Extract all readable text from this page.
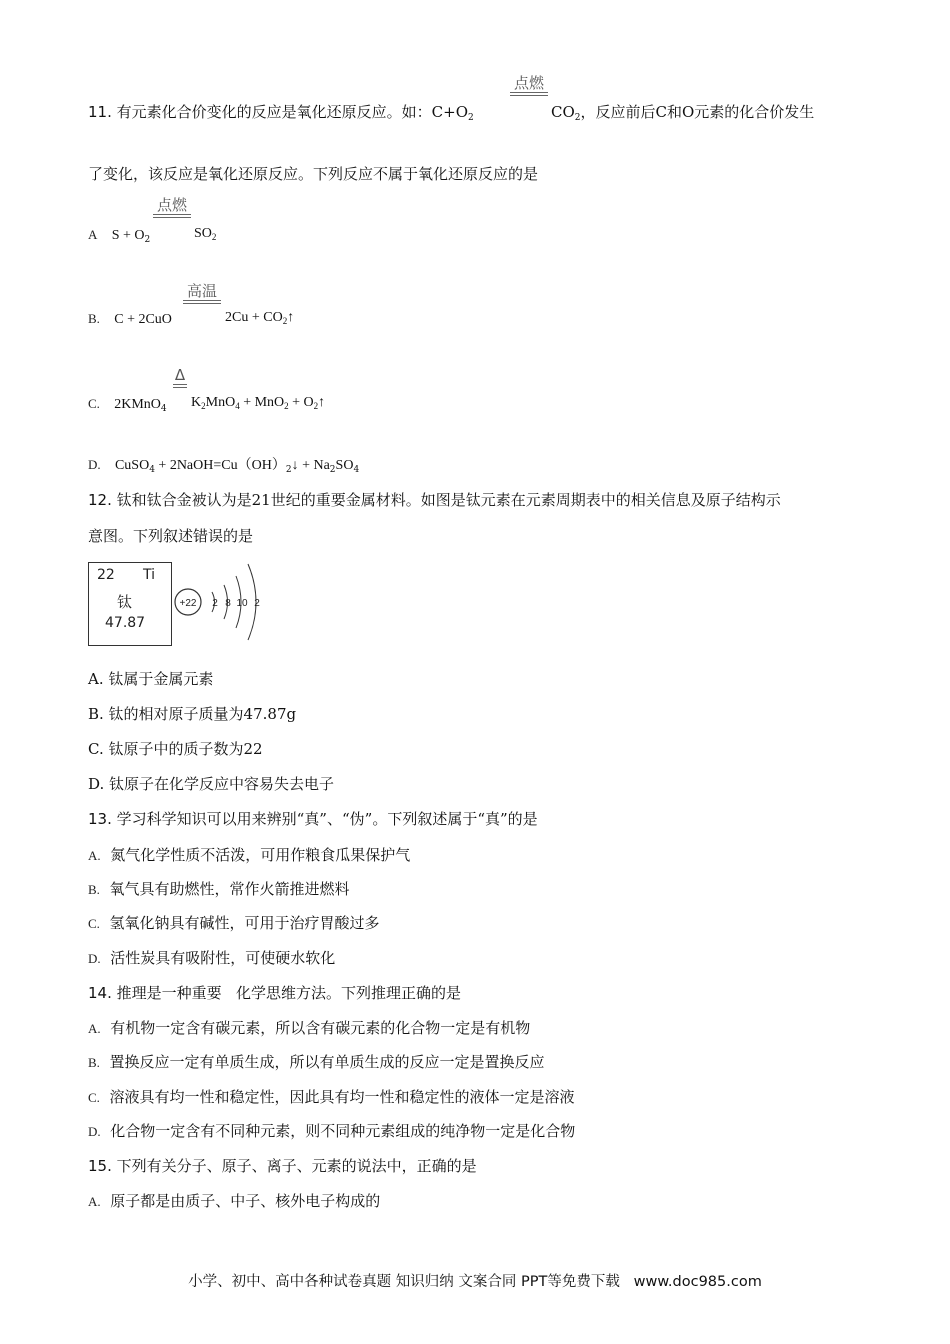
11. 有元素化合价变化的反应是氧化还原反应。如：$C+O_2$
点燃
$CO_2$，反应前后C和O元素的化合价发生
了变化，该反应是氧化还原反应。下列反应不属于氧化还原反应的是
A $S + O_2$
点燃
$SO_2$
B. C + 2CuO
高温
$2Cu + CO_2↑$
C. 2KMnO$_4$
Δ
$K_2MnO_4 + MnO_2$ + $O_2↑$
D. CuSO$_4$ + $2NaOH=Cu(OH)_2↓ + Na_2SO_4$
12. 钛和钛合金被认为是21世纪的重要金属材料。如图是钛元素在元素周期表中的相关信息及原子结构示
意图。下列叙述错误的是
22 Ti
钛
47.87
+22 2 8 10 2
A. 钛属于金属元素
B. 钛的相对原子质量为47.87g
C. 钛原子中的质子数为22
D. 钛原子在化学反应中容易失去电子
13. 学习科学知识可以用来辨别“真”、“伪”。下列叙述属于“真”的是
A. 氮气化学性质不活泼，可用作粮食瓜果保护气
B. 氧气具有助燃性，常作火箭推进燃料
C. 氢氧化钠具有碱性，可用于治疗胃酸过多
D. 活性炭具有吸附性，可使硬水软化
14. 推理是一种重要   化学思维方法。下列推理正确的是
A. 有机物一定含有碳元素，所以含有碳元素的化合物一定是有机物
B. 置换反应一定有单质生成，所以有单质生成的反应一定是置换反应
C. 溶液具有均一性和稳定性，因此具有均一性和稳定性的液体一定是溶液
D. 化合物一定含有不同种元素，则不同种元素组成的纯净物一定是化合物
15. 下列有关分子、原子、离子、元素的说法中，正确的是
A. 原子都是由质子、中子、核外电子构成的
小学、初中、高中各种试卷真题 知识归纳 文案合同 PPT等免费下载   www.doc985.com
